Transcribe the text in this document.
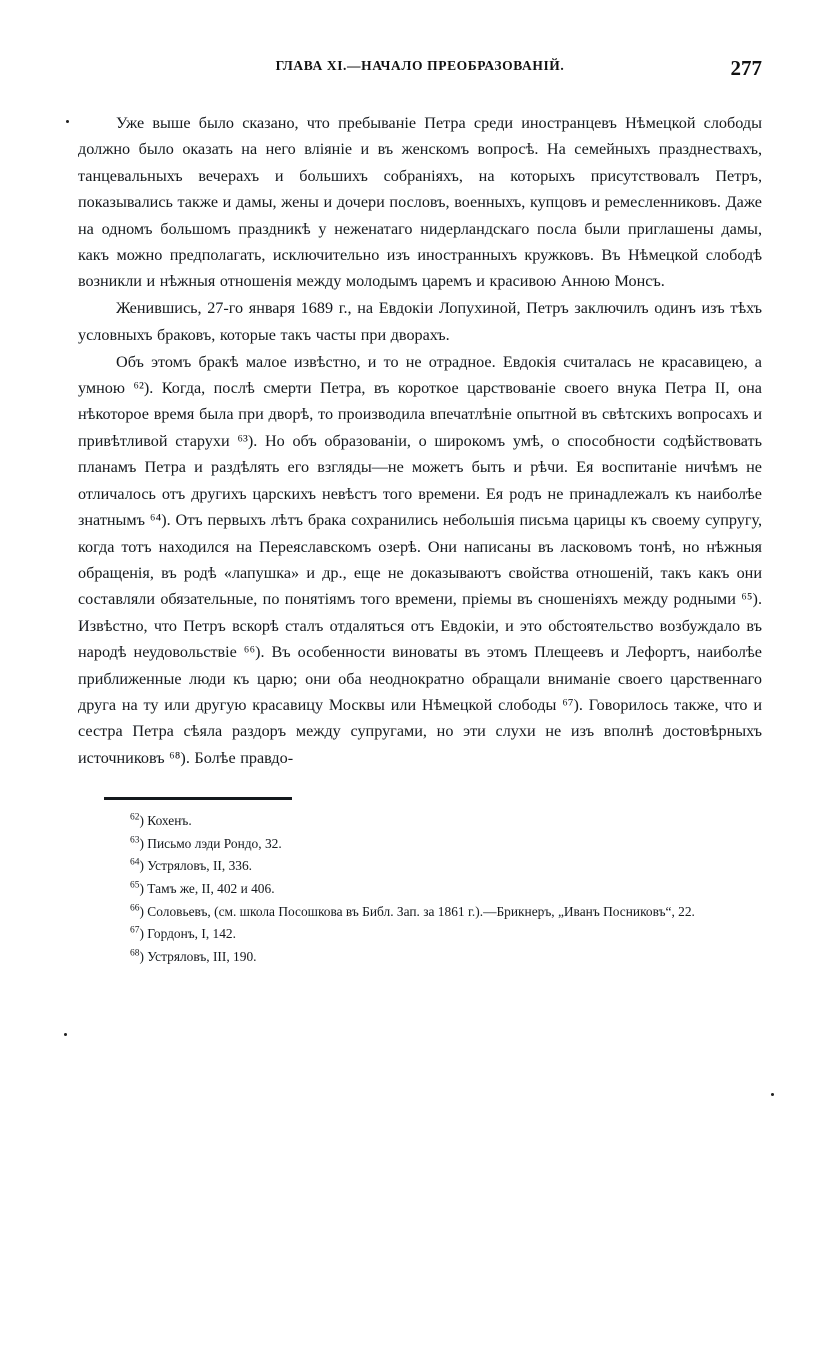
ГЛАВА XI.—НАЧАЛО ПРЕОБРАЗОВАНІЙ.	277

Уже выше было сказано, что пребываніе Петра среди иностранцевъ Нѣмецкой слободы должно было оказать на него вліяніе и въ женскомъ вопросѣ. На семейныхъ празднествахъ, танцевальныхъ вечерахъ и большихъ собраніяхъ, на которыхъ присутствовалъ Петръ, показывались также и дамы, жены и дочери пословъ, военныхъ, купцовъ и ремесленниковъ. Даже на одномъ большомъ праздникѣ у неженатаго нидерландскаго посла были приглашены дамы, какъ можно предполагать, исключительно изъ иностранныхъ кружковъ. Въ Нѣмецкой слободѣ возникли и нѣжныя отношенія между молодымъ царемъ и красивою Анною Монсъ.

Женившись, 27-го января 1689 г., на Евдокіи Лопухиной, Петръ заключилъ одинъ изъ тѣхъ условныхъ браковъ, которые такъ часты при дворахъ.

Объ этомъ бракѣ малое извѣстно, и то не отрадное. Евдокія считалась не красавицею, а умною ⁶²). Когда, послѣ смерти Петра, въ короткое царствованіе своего внука Петра II, она нѣкоторое время была при дворѣ, то производила впечатлѣніе опытной въ свѣтскихъ вопросахъ и привѣтливой старухи ⁶³). Но объ образованіи, о широкомъ умѣ, о способности содѣйствовать планамъ Петра и раздѣлять его взгляды—не можетъ быть и рѣчи. Ея воспитаніе ничѣмъ не отличалось отъ другихъ царскихъ невѣстъ того времени. Ея родъ не принадлежалъ къ наиболѣе знатнымъ ⁶⁴). Отъ первыхъ лѣтъ брака сохранились небольшія письма царицы къ своему супругу, когда тотъ находился на Переяславскомъ озерѣ. Они написаны въ ласковомъ тонѣ, но нѣжныя обращенія, въ родѣ «лапушка» и др., еще не доказываютъ свойства отношеній, такъ какъ они составляли обязательные, по понятіямъ того времени, пріемы въ сношеніяхъ между родными ⁶⁵). Извѣстно, что Петръ вскорѣ сталъ отдаляться отъ Евдокіи, и это обстоятельство возбуждало въ народѣ неудовольствіе ⁶⁶). Въ особенности виноваты въ этомъ Плещеевъ и Лефортъ, наиболѣе приближенные люди къ царю; они оба неоднократно обращали вниманіе своего царственнаго друга на ту или другую красавицу Москвы или Нѣмецкой слободы ⁶⁷). Говорилось также, что и сестра Петра сѣяла раздоръ между супругами, но эти слухи не изъ вполнѣ достовѣрныхъ источниковъ ⁶⁸). Болѣе правдо-

$^{62}$) Кохенъ.

$^{63}$) Письмо лэди Рондо, 32.

$^{64}$) Устряловъ, II, 336.

$^{65}$) Тамъ же, II, 402 и 406.

$^{66}$) Соловьевъ, (см. школа Посошкова въ Библ. Зап. за 1861 г.).—Брикнеръ, „Иванъ Посниковъ“, 22.

$^{67}$) Гордонъ, I, 142.

$^{68}$) Устряловъ, III, 190.
